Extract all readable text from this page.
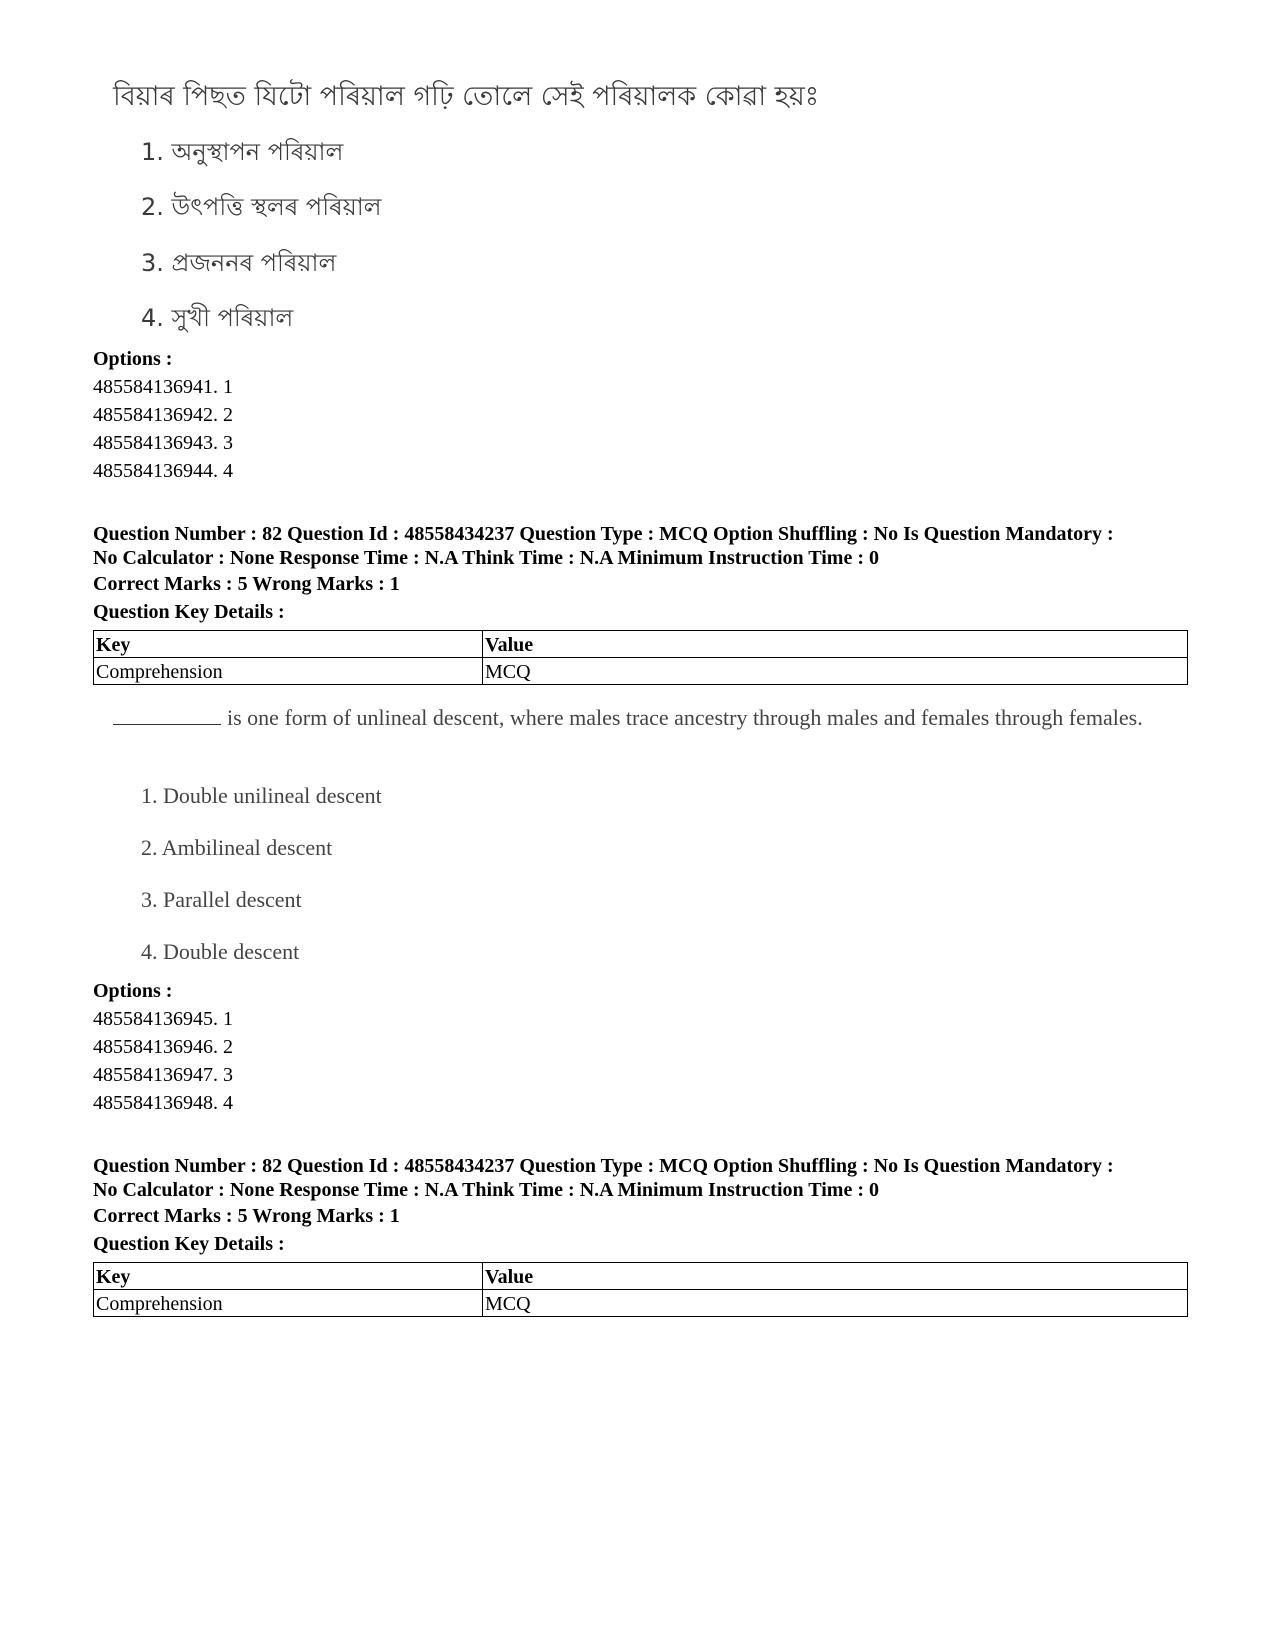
বিয়াৰ পিছত যিটো পৰিয়াল গঢ়ি তোলে সেই পৰিয়ালক কোৱা হয়ঃ
1. অনুস্থাপন পৰিয়াল
2. উৎপত্তি স্থলৰ পৰিয়াল
3. প্ৰজননৰ পৰিয়াল
4. সুখী পৰিয়াল
Options :
485584136941. 1
485584136942. 2
485584136943. 3
485584136944. 4
Question Number : 82 Question Id : 48558434237 Question Type : MCQ Option Shuffling : No Is Question Mandatory :
No Calculator : None Response Time : N.A Think Time : N.A Minimum Instruction Time : 0
Correct Marks : 5 Wrong Marks : 1
Question Key Details :
Key	Value
Comprehension	MCQ
is one form of unlineal descent, where males trace ancestry through males and females through females.
1. Double unilineal descent
2. Ambilineal descent
3. Parallel descent
4. Double descent
Options :
485584136945. 1
485584136946. 2
485584136947. 3
485584136948. 4
Question Number : 82 Question Id : 48558434237 Question Type : MCQ Option Shuffling : No Is Question Mandatory :
No Calculator : None Response Time : N.A Think Time : N.A Minimum Instruction Time : 0
Correct Marks : 5 Wrong Marks : 1
Question Key Details :
Key	Value
Comprehension	MCQ
